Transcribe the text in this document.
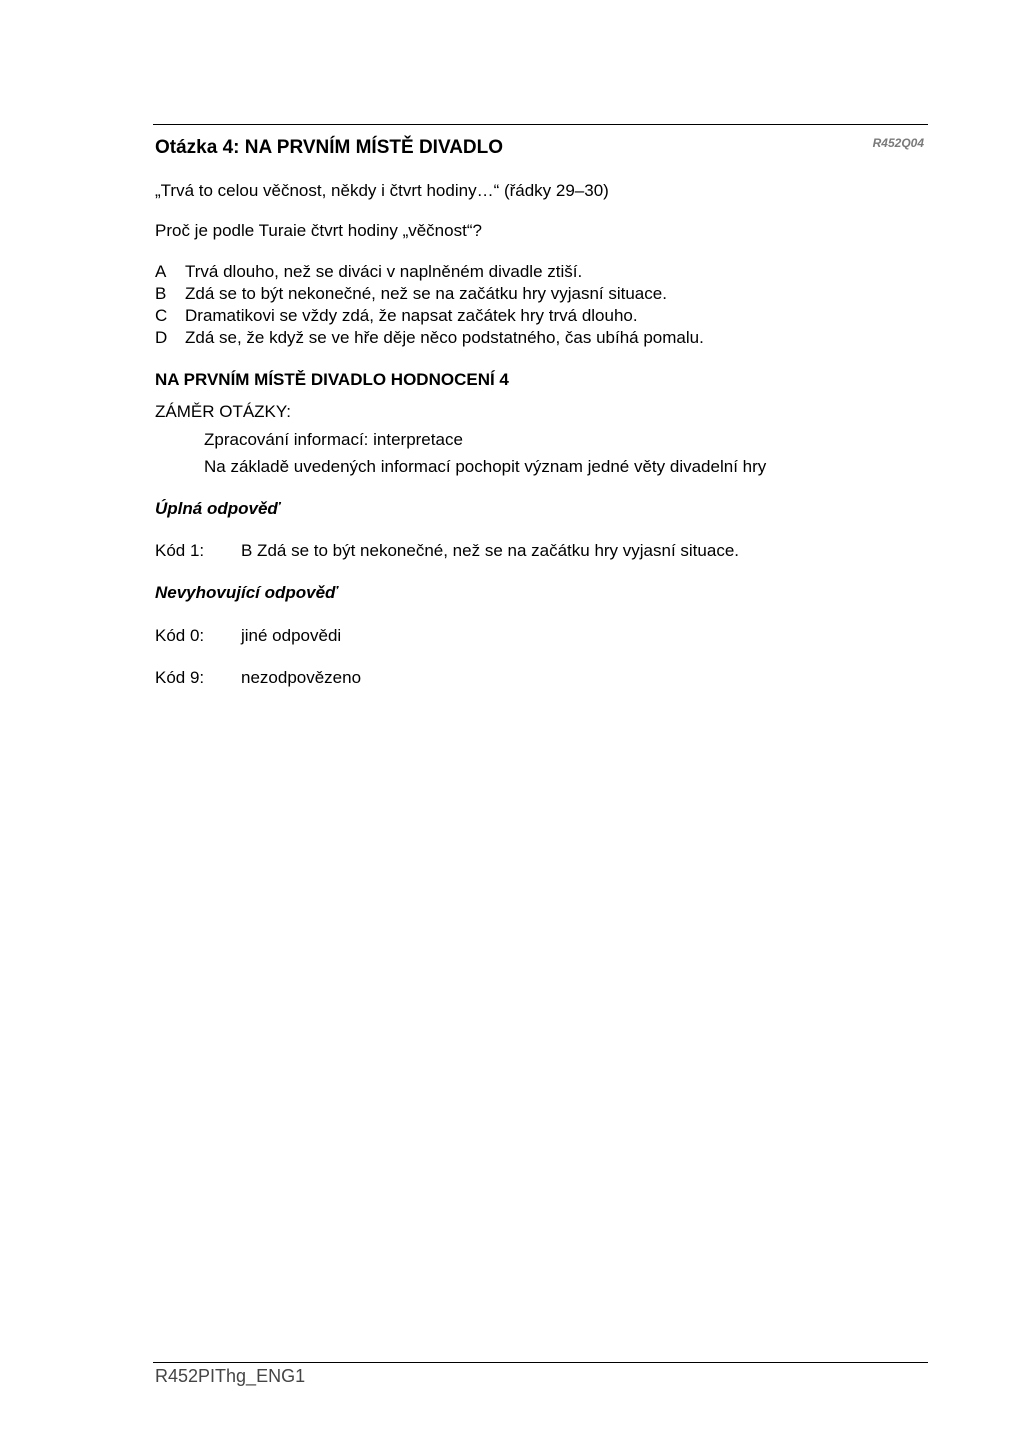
Otázka 4: NA PRVNÍM MÍSTĚ DIVADLO	R452Q04
„Trvá to celou věčnost, někdy i čtvrt hodiny…“ (řádky 29–30)
Proč je podle Turaie čtvrt hodiny „věčnost“?
A Trvá dlouho, než se diváci v naplněném divadle ztiší.
B Zdá se to být nekonečné, než se na začátku hry vyjasní situace.
C Dramatikovi se vždy zdá, že napsat začátek hry trvá dlouho.
D Zdá se, že když se ve hře děje něco podstatného, čas ubíhá pomalu.
NA PRVNÍM MÍSTĚ DIVADLO HODNOCENÍ 4
ZÁMĚR OTÁZKY:
Zpracování informací: interpretace
Na základě uvedených informací pochopit význam jedné věty divadelní hry
Úplná odpověď
Kód 1: B Zdá se to být nekonečné, než se na začátku hry vyjasní situace.
Nevyhovující odpověď
Kód 0: jiné odpovědi
Kód 9: nezodpovězeno
R452PIThg_ENG1
